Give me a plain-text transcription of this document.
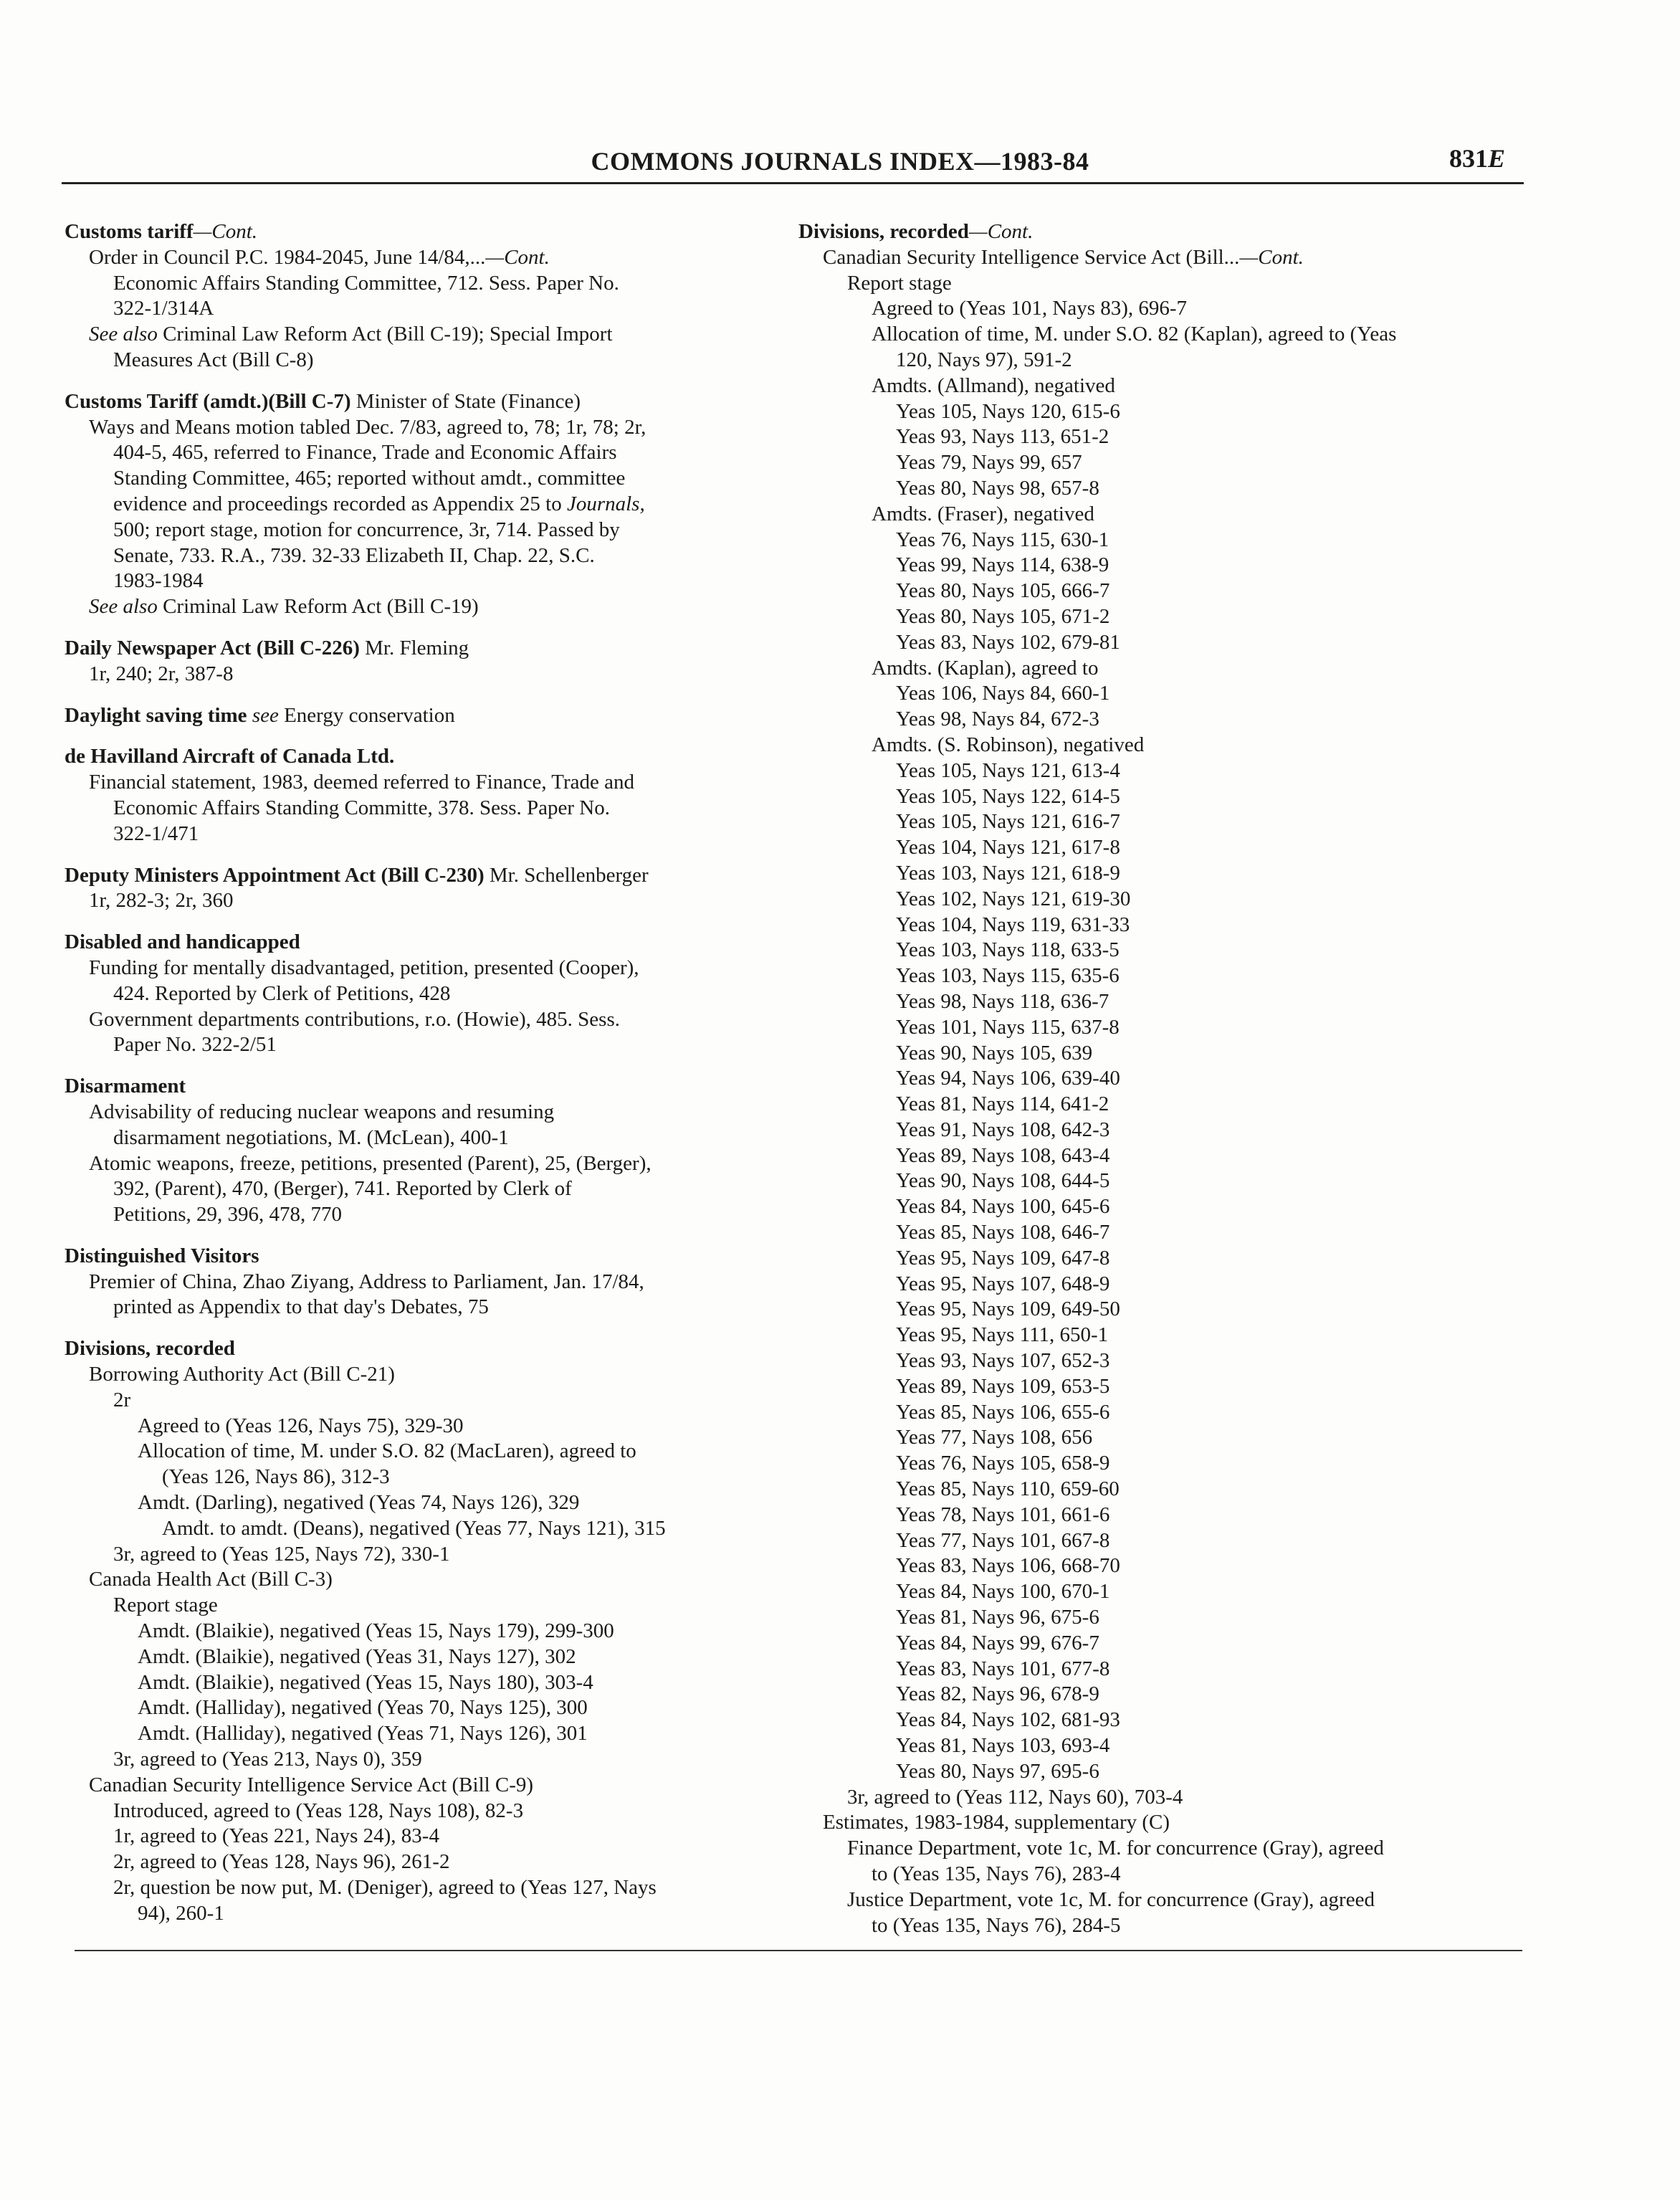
COMMONS JOURNALS INDEX—1983-84	831E
Customs tariff—Cont.
Order in Council P.C. 1984-2045, June 14/84,...—Cont.
Economic Affairs Standing Committee, 712. Sess. Paper No.
322-1/314A
See also Criminal Law Reform Act (Bill C-19); Special Import
Measures Act (Bill C-8)
Customs Tariff (amdt.)(Bill C-7) Minister of State (Finance)
Ways and Means motion tabled Dec. 7/83, agreed to, 78; 1r, 78; 2r,
404-5, 465, referred to Finance, Trade and Economic Affairs
Standing Committee, 465; reported without amdt., committee
evidence and proceedings recorded as Appendix 25 to Journals,
500; report stage, motion for concurrence, 3r, 714. Passed by
Senate, 733. R.A., 739. 32-33 Elizabeth II, Chap. 22, S.C.
1983-1984
See also Criminal Law Reform Act (Bill C-19)
Daily Newspaper Act (Bill C-226) Mr. Fleming
1r, 240; 2r, 387-8
Daylight saving time see Energy conservation
de Havilland Aircraft of Canada Ltd.
Financial statement, 1983, deemed referred to Finance, Trade and
Economic Affairs Standing Committe, 378. Sess. Paper No.
322-1/471
Deputy Ministers Appointment Act (Bill C-230) Mr. Schellenberger
1r, 282-3; 2r, 360
Disabled and handicapped
Funding for mentally disadvantaged, petition, presented (Cooper),
424. Reported by Clerk of Petitions, 428
Government departments contributions, r.o. (Howie), 485. Sess.
Paper No. 322-2/51
Disarmament
Advisability of reducing nuclear weapons and resuming
disarmament negotiations, M. (McLean), 400-1
Atomic weapons, freeze, petitions, presented (Parent), 25, (Berger),
392, (Parent), 470, (Berger), 741. Reported by Clerk of
Petitions, 29, 396, 478, 770
Distinguished Visitors
Premier of China, Zhao Ziyang, Address to Parliament, Jan. 17/84,
printed as Appendix to that day's Debates, 75
Divisions, recorded
Borrowing Authority Act (Bill C-21)
2r
Agreed to (Yeas 126, Nays 75), 329-30
Allocation of time, M. under S.O. 82 (MacLaren), agreed to
(Yeas 126, Nays 86), 312-3
Amdt. (Darling), negatived (Yeas 74, Nays 126), 329
Amdt. to amdt. (Deans), negatived (Yeas 77, Nays 121), 315
3r, agreed to (Yeas 125, Nays 72), 330-1
Canada Health Act (Bill C-3)
Report stage
Amdt. (Blaikie), negatived (Yeas 15, Nays 179), 299-300
Amdt. (Blaikie), negatived (Yeas 31, Nays 127), 302
Amdt. (Blaikie), negatived (Yeas 15, Nays 180), 303-4
Amdt. (Halliday), negatived (Yeas 70, Nays 125), 300
Amdt. (Halliday), negatived (Yeas 71, Nays 126), 301
3r, agreed to (Yeas 213, Nays 0), 359
Canadian Security Intelligence Service Act (Bill C-9)
Introduced, agreed to (Yeas 128, Nays 108), 82-3
1r, agreed to (Yeas 221, Nays 24), 83-4
2r, agreed to (Yeas 128, Nays 96), 261-2
2r, question be now put, M. (Deniger), agreed to (Yeas 127, Nays
94), 260-1
Divisions, recorded—Cont.
Canadian Security Intelligence Service Act (Bill...—Cont.
Report stage
Agreed to (Yeas 101, Nays 83), 696-7
Allocation of time, M. under S.O. 82 (Kaplan), agreed to (Yeas
120, Nays 97), 591-2
Amdts. (Allmand), negatived
Yeas 105, Nays 120, 615-6
Yeas 93, Nays 113, 651-2
Yeas 79, Nays 99, 657
Yeas 80, Nays 98, 657-8
Amdts. (Fraser), negatived
Yeas 76, Nays 115, 630-1
Yeas 99, Nays 114, 638-9
Yeas 80, Nays 105, 666-7
Yeas 80, Nays 105, 671-2
Yeas 83, Nays 102, 679-81
Amdts. (Kaplan), agreed to
Yeas 106, Nays 84, 660-1
Yeas 98, Nays 84, 672-3
Amdts. (S. Robinson), negatived
Yeas 105, Nays 121, 613-4
Yeas 105, Nays 122, 614-5
Yeas 105, Nays 121, 616-7
Yeas 104, Nays 121, 617-8
Yeas 103, Nays 121, 618-9
Yeas 102, Nays 121, 619-30
Yeas 104, Nays 119, 631-33
Yeas 103, Nays 118, 633-5
Yeas 103, Nays 115, 635-6
Yeas 98, Nays 118, 636-7
Yeas 101, Nays 115, 637-8
Yeas 90, Nays 105, 639
Yeas 94, Nays 106, 639-40
Yeas 81, Nays 114, 641-2
Yeas 91, Nays 108, 642-3
Yeas 89, Nays 108, 643-4
Yeas 90, Nays 108, 644-5
Yeas 84, Nays 100, 645-6
Yeas 85, Nays 108, 646-7
Yeas 95, Nays 109, 647-8
Yeas 95, Nays 107, 648-9
Yeas 95, Nays 109, 649-50
Yeas 95, Nays 111, 650-1
Yeas 93, Nays 107, 652-3
Yeas 89, Nays 109, 653-5
Yeas 85, Nays 106, 655-6
Yeas 77, Nays 108, 656
Yeas 76, Nays 105, 658-9
Yeas 85, Nays 110, 659-60
Yeas 78, Nays 101, 661-6
Yeas 77, Nays 101, 667-8
Yeas 83, Nays 106, 668-70
Yeas 84, Nays 100, 670-1
Yeas 81, Nays 96, 675-6
Yeas 84, Nays 99, 676-7
Yeas 83, Nays 101, 677-8
Yeas 82, Nays 96, 678-9
Yeas 84, Nays 102, 681-93
Yeas 81, Nays 103, 693-4
Yeas 80, Nays 97, 695-6
3r, agreed to (Yeas 112, Nays 60), 703-4
Estimates, 1983-1984, supplementary (C)
Finance Department, vote 1c, M. for concurrence (Gray), agreed
to (Yeas 135, Nays 76), 283-4
Justice Department, vote 1c, M. for concurrence (Gray), agreed
to (Yeas 135, Nays 76), 284-5
